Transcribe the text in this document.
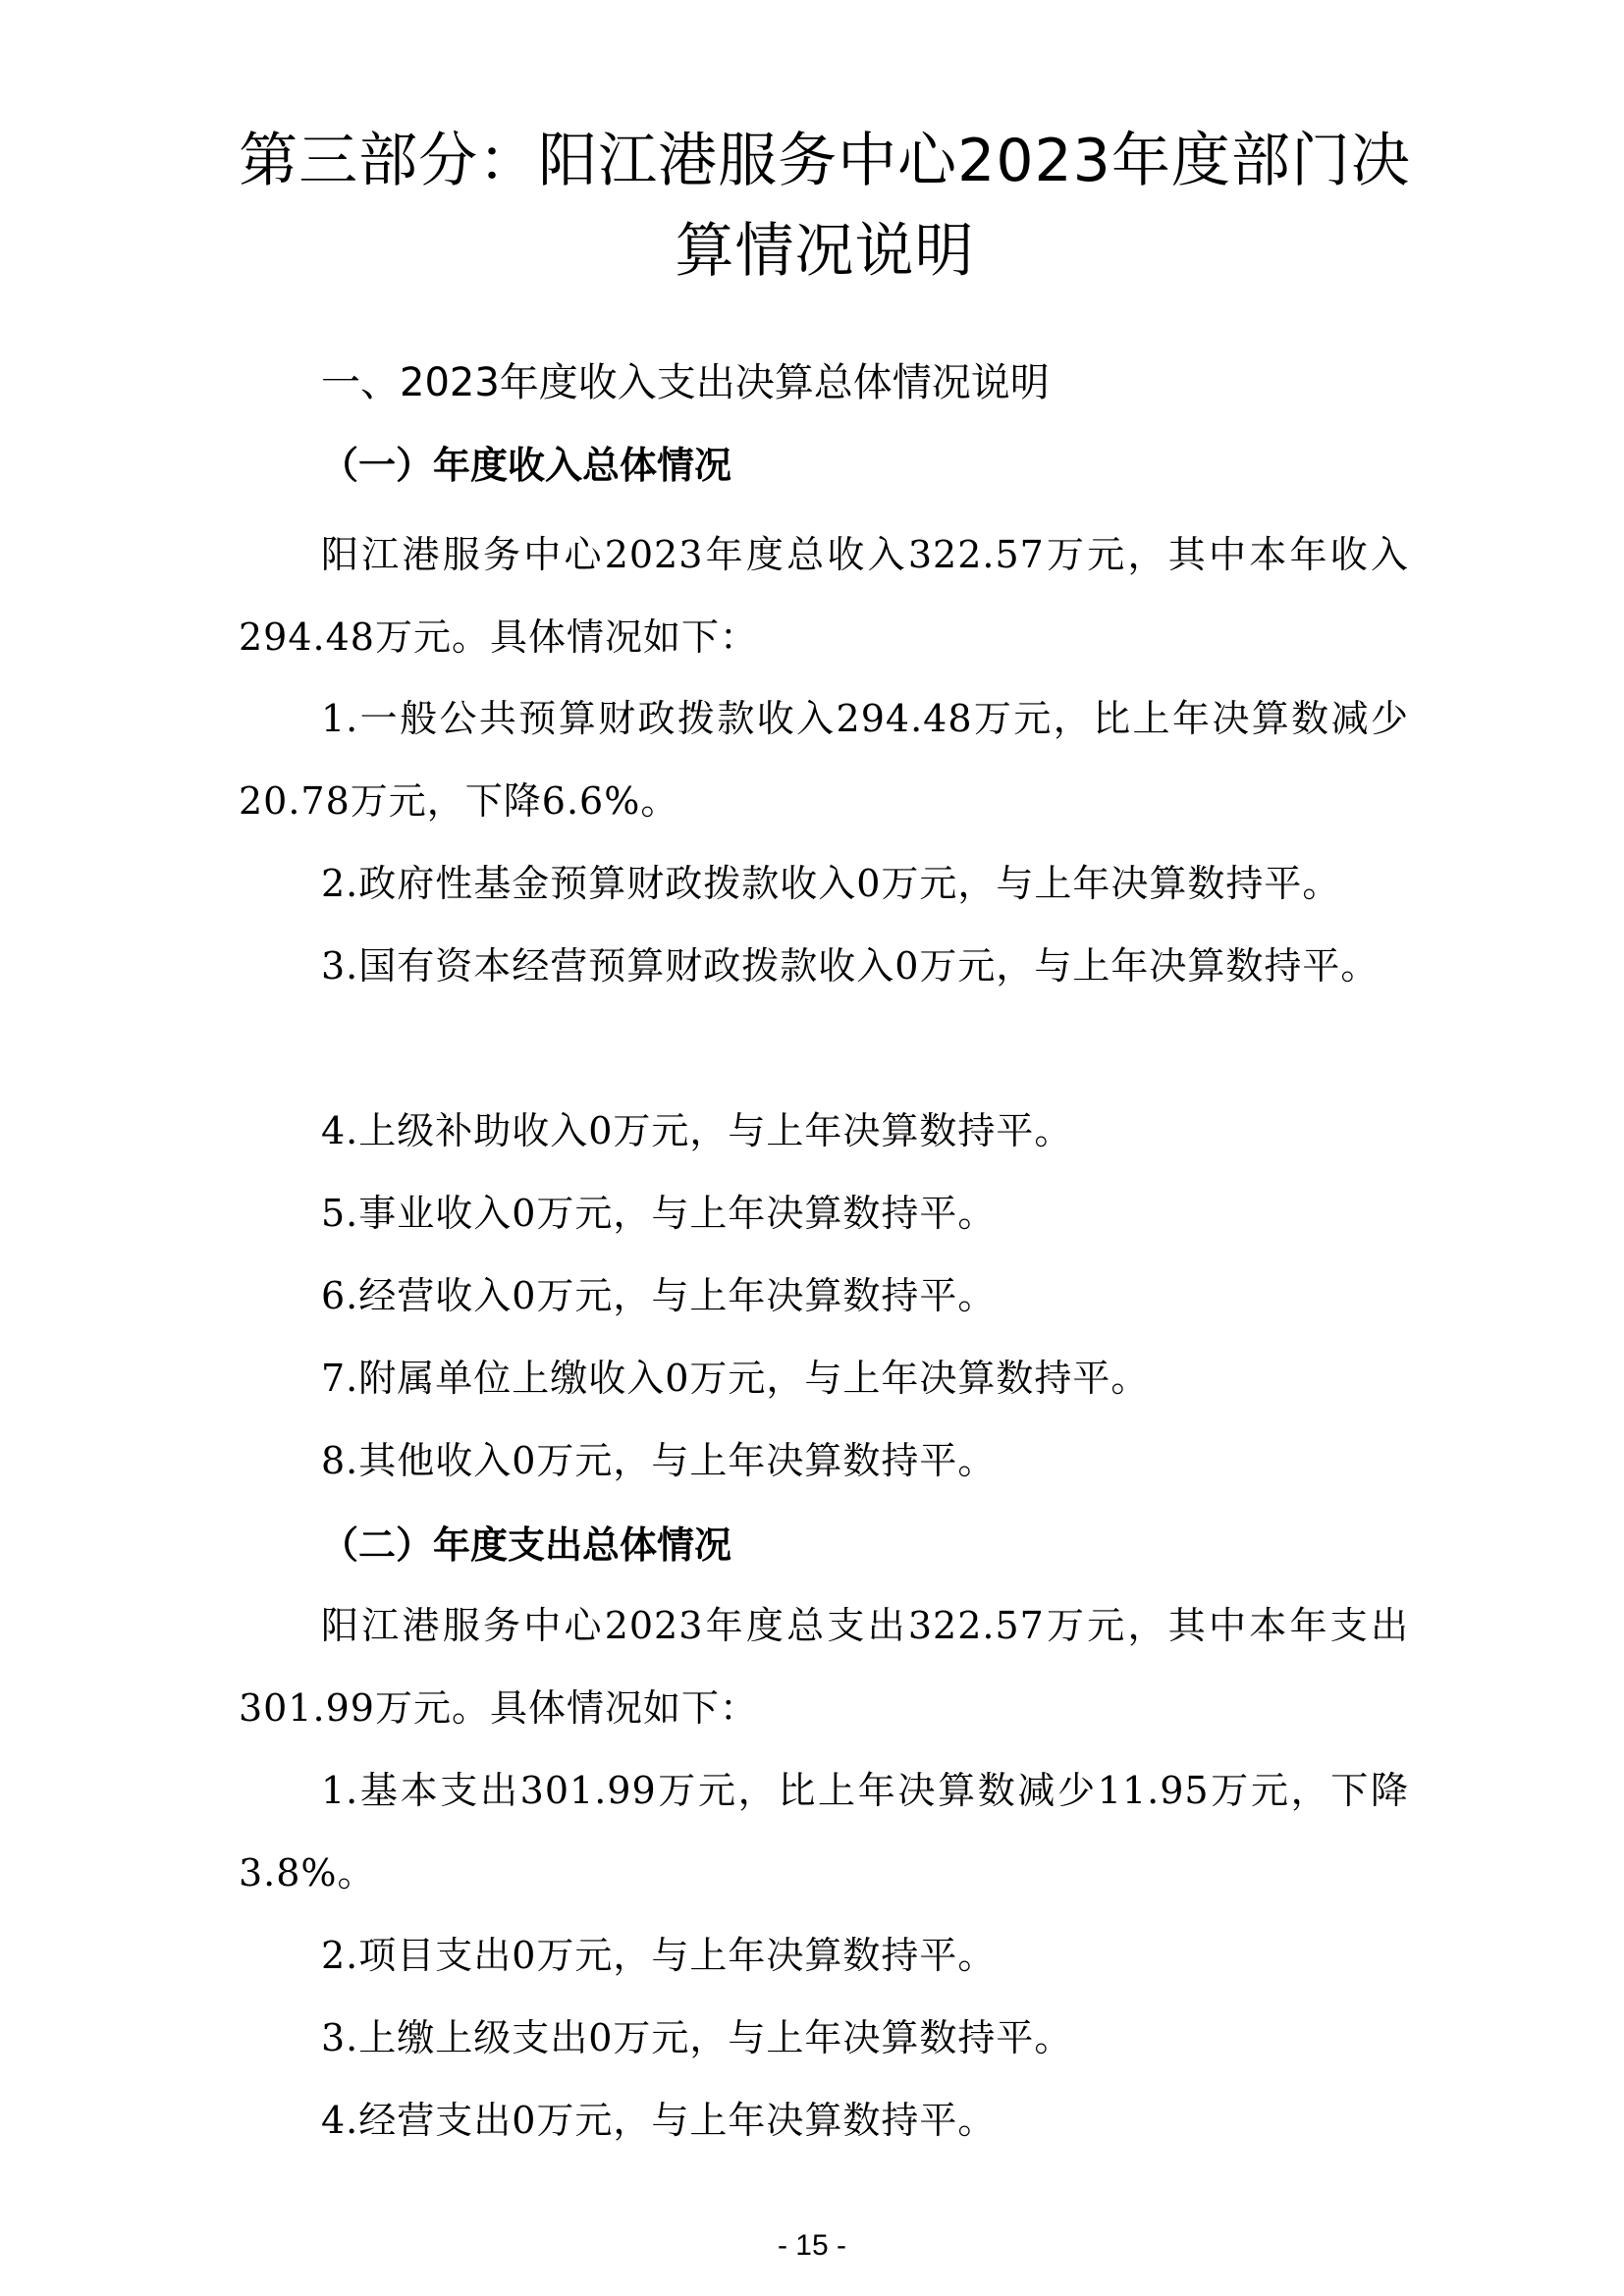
第三部分：阳江港服务中心2023年度部门决
算情况说明
一、2023年度收入支出决算总体情况说明
（一）年度收入总体情况

阳江港服务中心2023年度总收入322.57万元，其中本年收入294.48万元。具体情况如下：

1.一般公共预算财政拨款收入294.48万元，比上年决算数减少20.78万元，下降6.6%。

2.政府性基金预算财政拨款收入0万元，与上年决算数持平。

3.国有资本经营预算财政拨款收入0万元，与上年决算数持平。

4.上级补助收入0万元，与上年决算数持平。

5.事业收入0万元，与上年决算数持平。

6.经营收入0万元，与上年决算数持平。

7.附属单位上缴收入0万元，与上年决算数持平。

8.其他收入0万元，与上年决算数持平。

（二）年度支出总体情况

阳江港服务中心2023年度总支出322.57万元，其中本年支出301.99万元。具体情况如下：

1.基本支出301.99万元，比上年决算数减少11.95万元，下降3.8%。

2.项目支出0万元，与上年决算数持平。

3.上缴上级支出0万元，与上年决算数持平。

4.经营支出0万元，与上年决算数持平。

- 15 -
